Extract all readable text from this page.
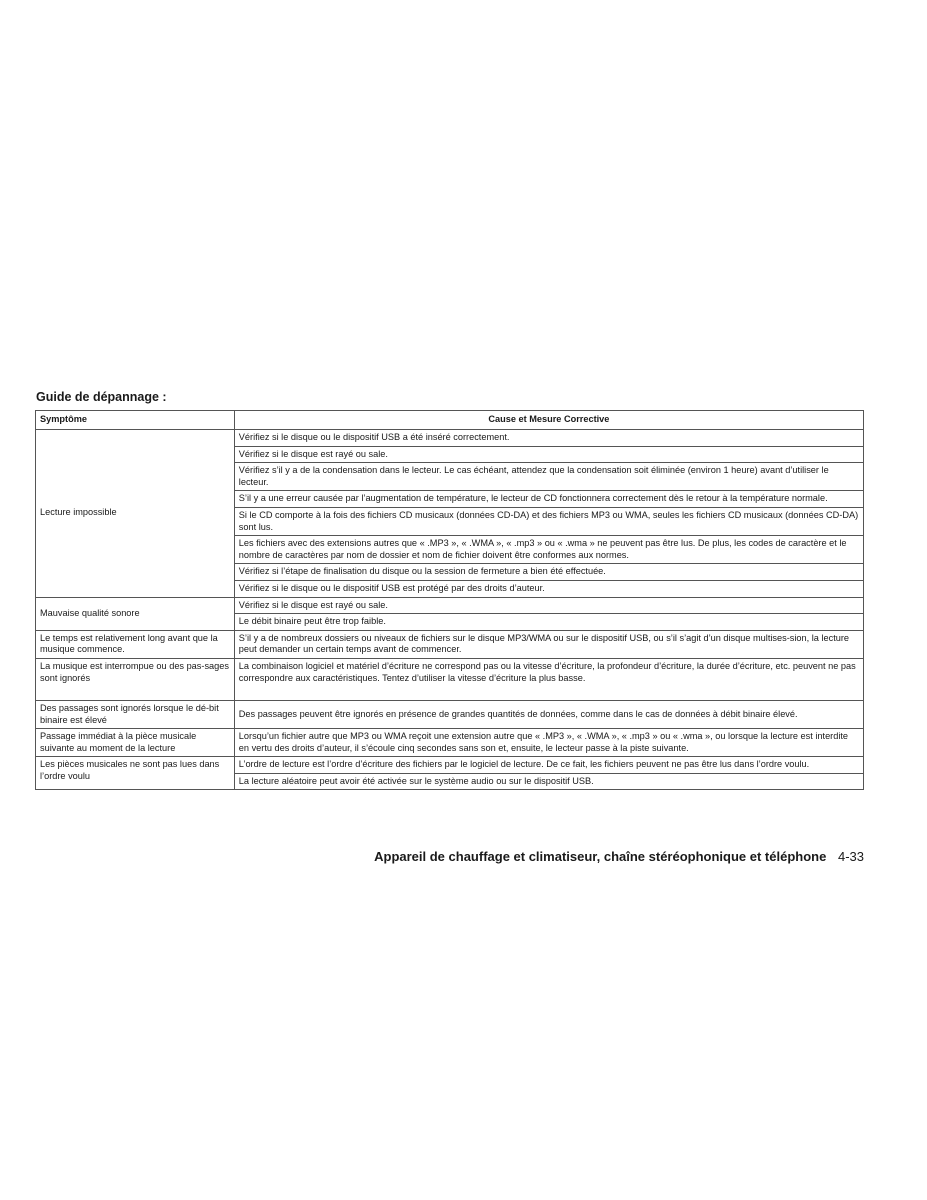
Guide de dépannage :
Symptôme	Cause et Mesure Corrective
Lecture impossible	Vérifiez si le disque ou le dispositif USB a été inséré correctement.
	Vérifiez si le disque est rayé ou sale.
	Vérifiez s’il y a de la condensation dans le lecteur. Le cas échéant, attendez que la condensation soit éliminée (environ 1 heure) avant d’utiliser le lecteur.
	S’il y a une erreur causée par l’augmentation de température, le lecteur de CD fonctionnera correctement dès le retour à la température normale.
	Si le CD comporte à la fois des fichiers CD musicaux (données CD-DA) et des fichiers MP3 ou WMA, seules les fichiers CD musicaux (données CD-DA) sont lus.
	Les fichiers avec des extensions autres que « .MP3 », « .WMA », « .mp3 » ou « .wma » ne peuvent pas être lus. De plus, les codes de caractère et le nombre de caractères par nom de dossier et nom de fichier doivent être conformes aux normes.
	Vérifiez si l’étape de finalisation du disque ou la session de fermeture a bien été effectuée.
	Vérifiez si le disque ou le dispositif USB est protégé par des droits d’auteur.
Mauvaise qualité sonore	Vérifiez si le disque est rayé ou sale.
	Le débit binaire peut être trop faible.
Le temps est relativement long avant que la musique commence.	S’il y a de nombreux dossiers ou niveaux de fichiers sur le disque MP3/WMA ou sur le dispositif USB, ou s’il s’agit d’un disque multises-sion, la lecture peut demander un certain temps avant de commencer.
La musique est interrompue ou des pas-sages sont ignorés	La combinaison logiciel et matériel d’écriture ne correspond pas ou la vitesse d’écriture, la profondeur d’écriture, la durée d’écriture, etc. peuvent ne pas correspondre aux caractéristiques. Tentez d’utiliser la vitesse d’écriture la plus basse.
Des passages sont ignorés lorsque le dé-bit binaire est élevé	Des passages peuvent être ignorés en présence de grandes quantités de données, comme dans le cas de données à débit binaire élevé.
Passage immédiat à la pièce musicale suivante au moment de la lecture	Lorsqu’un fichier autre que MP3 ou WMA reçoit une extension autre que « .MP3 », « .WMA », « .mp3 » ou « .wma », ou lorsque la lecture est interdite en vertu des droits d’auteur, il s’écoule cinq secondes sans son et, ensuite, le lecteur passe à la piste suivante.
Les pièces musicales ne sont pas lues dans l’ordre voulu	L’ordre de lecture est l’ordre d’écriture des fichiers par le logiciel de lecture. De ce fait, les fichiers peuvent ne pas être lus dans l’ordre voulu.
	La lecture aléatoire peut avoir été activée sur le système audio ou sur le dispositif USB.
Appareil de chauffage et climatiseur, chaîne stéréophonique et téléphone 4-33
